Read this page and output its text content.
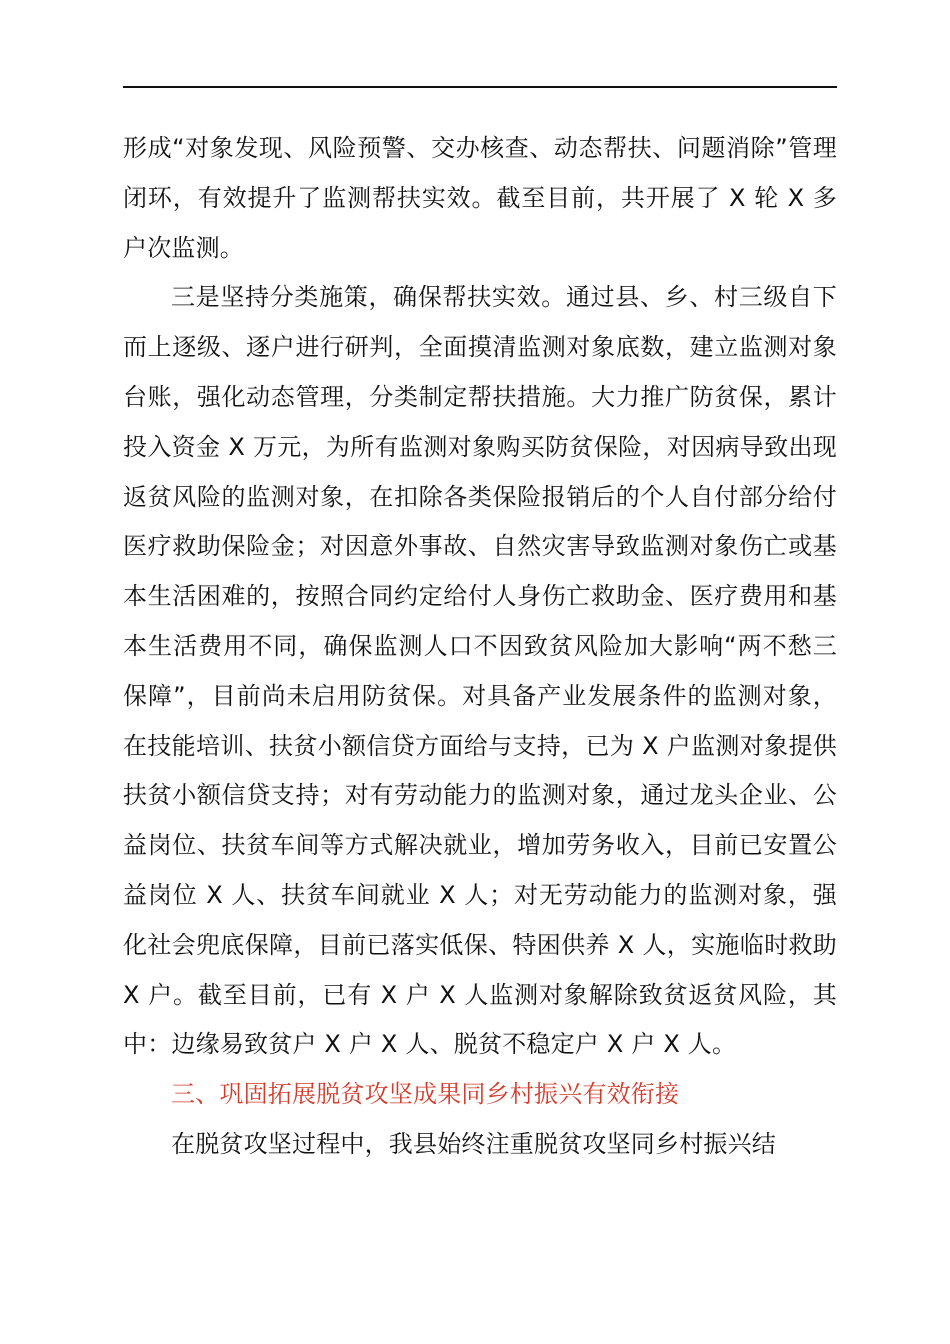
形成“对象发现、风险预警、交办核查、动态帮扶、问题消除”管理闭环，有效提升了监测帮扶实效。截至目前，共开展了 X 轮 X 多户次监测。

三是坚持分类施策，确保帮扶实效。通过县、乡、村三级自下而上逐级、逐户进行研判，全面摸清监测对象底数，建立监测对象台账，强化动态管理，分类制定帮扶措施。大力推广防贫保，累计投入资金 X 万元，为所有监测对象购买防贫保险，对因病导致出现返贫风险的监测对象，在扣除各类保险报销后的个人自付部分给付医疗救助保险金；对因意外事故、自然灾害导致监测对象伤亡或基本生活困难的，按照合同约定给付人身伤亡救助金、医疗费用和基本生活费用不同，确保监测人口不因致贫风险加大影响“两不愁三保障”，目前尚未启用防贫保。对具备产业发展条件的监测对象，在技能培训、扶贫小额信贷方面给与支持，已为 X 户监测对象提供扶贫小额信贷支持；对有劳动能力的监测对象，通过龙头企业、公益岗位、扶贫车间等方式解决就业，增加劳务收入，目前已安置公益岗位 X 人、扶贫车间就业 X 人；对无劳动能力的监测对象，强化社会兜底保障，目前已落实低保、特困供养 X 人，实施临时救助 X 户。截至目前，已有 X 户 X 人监测对象解除致贫返贫风险，其中：边缘易致贫户 X 户 X 人、脱贫不稳定户 X 户 X 人。

三、巩固拓展脱贫攻坚成果同乡村振兴有效衔接

在脱贫攻坚过程中，我县始终注重脱贫攻坚同乡村振兴结
